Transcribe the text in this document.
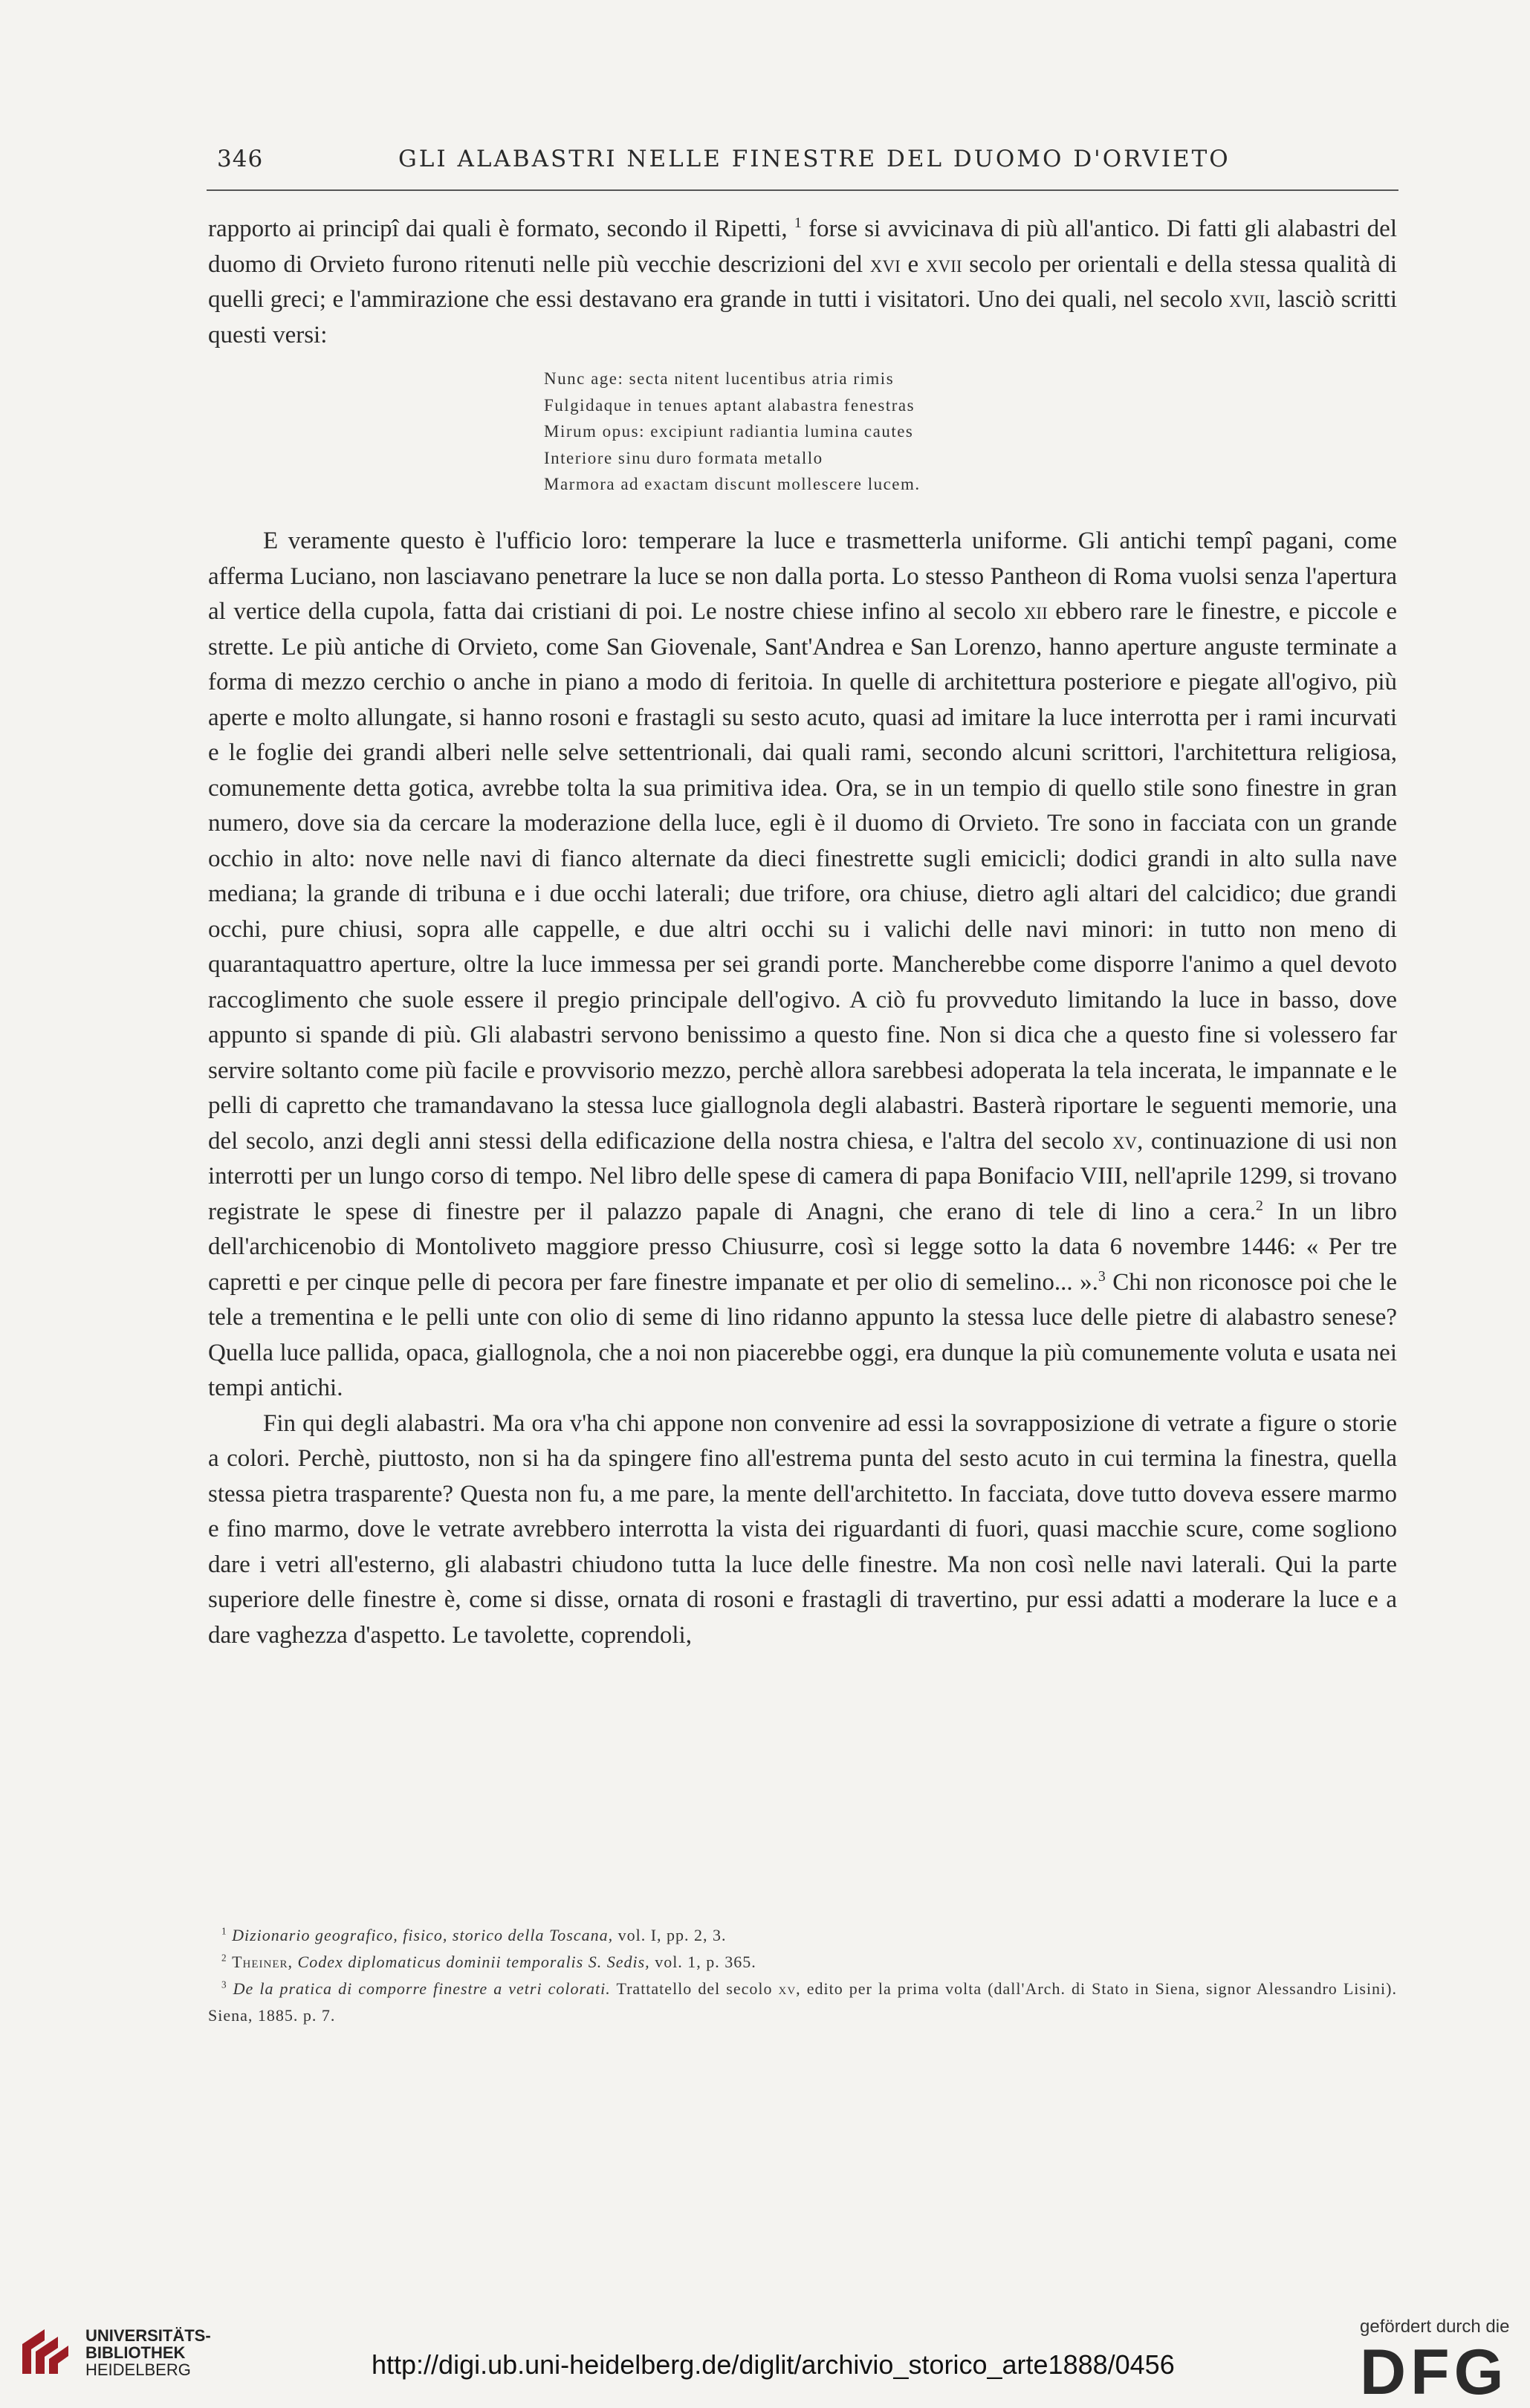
346	GLI ALABASTRI NELLE FINESTRE DEL DUOMO D'ORVIETO

rapporto ai principî dai quali è formato, secondo il Ripetti, $^1$ forse si avvicinava di più all'antico. Di fatti gli alabastri del duomo di Orvieto furono ritenuti nelle più vecchie descrizioni del xvi e xvii secolo per orientali e della stessa qualità di quelli greci; e l'ammirazione che essi destavano era grande in tutti i visitatori. Uno dei quali, nel secolo xvii, lasciò scritti questi versi:

Nunc age: secta nitent lucentibus atria rimis
Fulgidaque in tenues aptant alabastra fenestras
Mirum opus: excipiunt radiantia lumina cautes
Interiore sinu duro formata metallo
Marmora ad exactam discunt mollescere lucem.

E veramente questo è l'ufficio loro: temperare la luce e trasmetterla uniforme. Gli antichi tempî pagani, come afferma Luciano, non lasciavano penetrare la luce se non dalla porta. Lo stesso Pantheon di Roma vuolsi senza l'apertura al vertice della cupola, fatta dai cristiani di poi. Le nostre chiese infino al secolo xii ebbero rare le finestre, e piccole e strette. Le più antiche di Orvieto, come San Giovenale, Sant'Andrea e San Lorenzo, hanno aperture anguste terminate a forma di mezzo cerchio o anche in piano a modo di feritoia. In quelle di architettura posteriore e piegate all'ogivo, più aperte e molto allungate, si hanno rosoni e frastagli su sesto acuto, quasi ad imitare la luce interrotta per i rami incurvati e le foglie dei grandi alberi nelle selve settentrionali, dai quali rami, secondo alcuni scrittori, l'architettura religiosa, comunemente detta gotica, avrebbe tolta la sua primitiva idea. Ora, se in un tempio di quello stile sono finestre in gran numero, dove sia da cercare la moderazione della luce, egli è il duomo di Orvieto. Tre sono in facciata con un grande occhio in alto: nove nelle navi di fianco alternate da dieci finestrette sugli emicicli; dodici grandi in alto sulla nave mediana; la grande di tribuna e i due occhi laterali; due trifore, ora chiuse, dietro agli altari del calcidico; due grandi occhi, pure chiusi, sopra alle cappelle, e due altri occhi su i valichi delle navi minori: in tutto non meno di quarantaquattro aperture, oltre la luce immessa per sei grandi porte. Mancherebbe come disporre l'animo a quel devoto raccoglimento che suole essere il pregio principale dell'ogivo. A ciò fu provveduto limitando la luce in basso, dove appunto si spande di più. Gli alabastri servono benissimo a questo fine. Non si dica che a questo fine si volessero far servire soltanto come più facile e provvisorio mezzo, perchè allora sarebbesi adoperata la tela incerata, le impannate e le pelli di capretto che tramandavano la stessa luce giallognola degli alabastri. Basterà riportare le seguenti memorie, una del secolo, anzi degli anni stessi della edificazione della nostra chiesa, e l'altra del secolo xv, continuazione di usi non interrotti per un lungo corso di tempo. Nel libro delle spese di camera di papa Bonifacio VIII, nell'aprile 1299, si trovano registrate le spese di finestre per il palazzo papale di Anagni, che erano di tele di lino a cera.$^2$ In un libro dell'archicenobio di Montoliveto maggiore presso Chiusurre, così si legge sotto la data 6 novembre 1446: « Per tre capretti e per cinque pelle di pecora per fare finestre impanate et per olio di semelino... ».$^3$ Chi non riconosce poi che le tele a trementina e le pelli unte con olio di seme di lino ridanno appunto la stessa luce delle pietre di alabastro senese? Quella luce pallida, opaca, giallognola, che a noi non piacerebbe oggi, era dunque la più comunemente voluta e usata nei tempi antichi.

Fin qui degli alabastri. Ma ora v'ha chi appone non convenire ad essi la sovrapposizione di vetrate a figure o storie a colori. Perchè, piuttosto, non si ha da spingere fino all'estrema punta del sesto acuto in cui termina la finestra, quella stessa pietra trasparente? Questa non fu, a me pare, la mente dell'architetto. In facciata, dove tutto doveva essere marmo e fino marmo, dove le vetrate avrebbero interrotta la vista dei riguardanti di fuori, quasi macchie scure, come sogliono dare i vetri all'esterno, gli alabastri chiudono tutta la luce delle finestre. Ma non così nelle navi laterali. Qui la parte superiore delle finestre è, come si disse, ornata di rosoni e frastagli di travertino, pur essi adatti a moderare la luce e a dare vaghezza d'aspetto. Le tavolette, coprendoli,

$^1$ Dizionario geografico, fisico, storico della Toscana, vol. I, pp. 2, 3.

$^2$ Theiner, Codex diplomaticus dominii temporalis S. Sedis, vol. 1, p. 365.

$^3$ De la pratica di comporre finestre a vetri colorati. Trattatello del secolo xv, edito per la prima volta (dall'Arch. di Stato in Siena, signor Alessandro Lisini). Siena, 1885. p. 7.

UNIVERSITÄTS-
BIBLIOTHEK
HEIDELBERG	http://digi.ub.uni-heidelberg.de/diglit/archivio_storico_arte1888/0456
gefördert durch die
DFG
